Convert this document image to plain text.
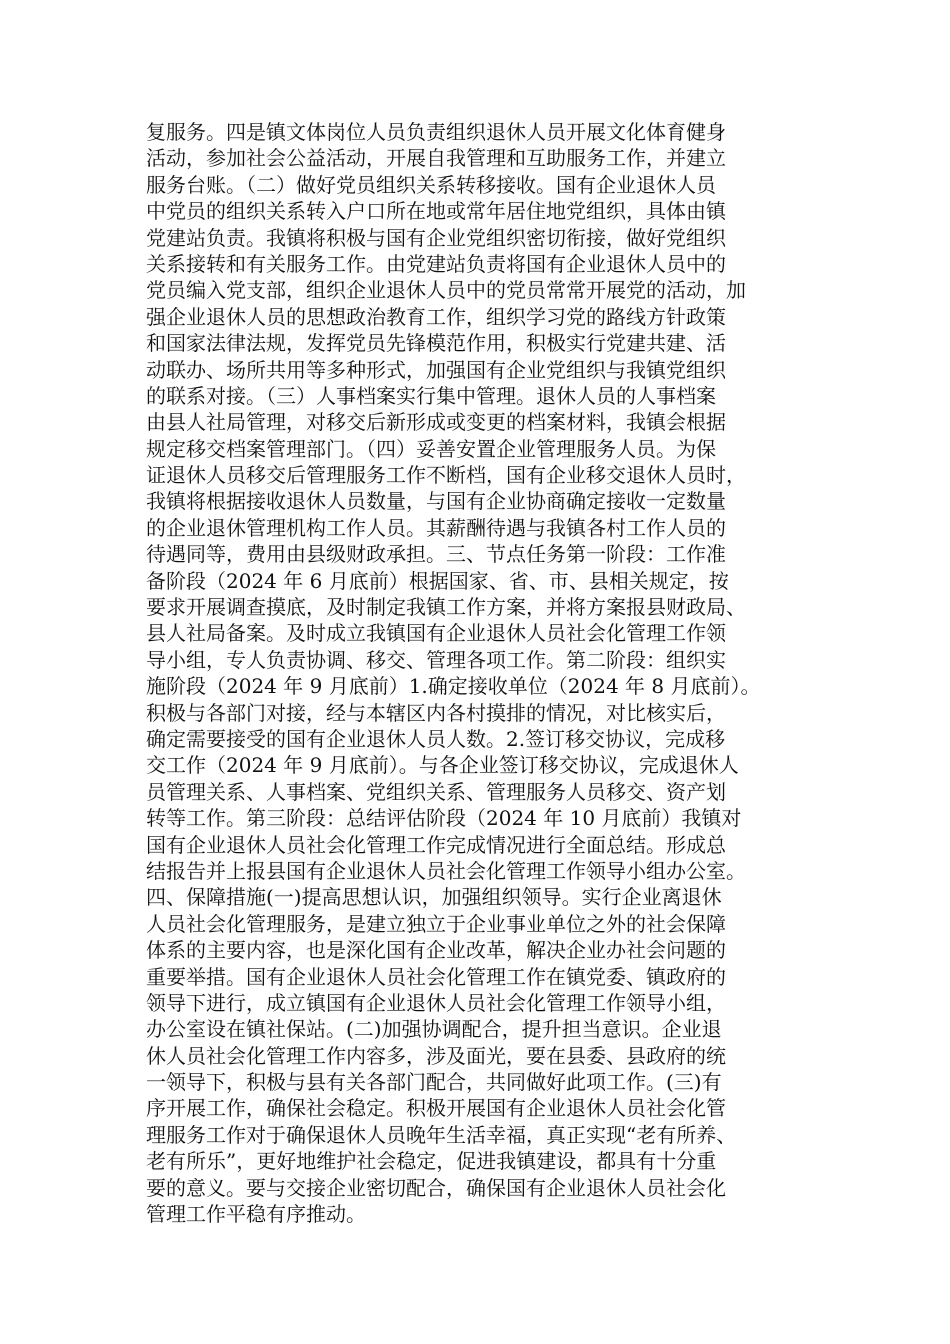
复服务。四是镇文体岗位人员负责组织退休人员开展文化体育健身
活动，参加社会公益活动，开展自我管理和互助服务工作，并建立
服务台账。（二）做好党员组织关系转移接收。国有企业退休人员
中党员的组织关系转入户口所在地或常年居住地党组织，具体由镇
党建站负责。我镇将积极与国有企业党组织密切衔接，做好党组织
关系接转和有关服务工作。由党建站负责将国有企业退休人员中的
党员编入党支部，组织企业退休人员中的党员常常开展党的活动，加
强企业退休人员的思想政治教育工作，组织学习党的路线方针政策
和国家法律法规，发挥党员先锋模范作用，积极实行党建共建、活
动联办、场所共用等多种形式，加强国有企业党组织与我镇党组织
的联系对接。（三）人事档案实行集中管理。退休人员的人事档案
由县人社局管理，对移交后新形成或变更的档案材料，我镇会根据
规定移交档案管理部门。（四）妥善安置企业管理服务人员。为保
证退休人员移交后管理服务工作不断档，国有企业移交退休人员时，
我镇将根据接收退休人员数量，与国有企业协商确定接收一定数量
的企业退休管理机构工作人员。其薪酬待遇与我镇各村工作人员的
待遇同等，费用由县级财政承担。三、节点任务第一阶段：工作准
备阶段（2024 年 6 月底前）根据国家、省、市、县相关规定，按
要求开展调查摸底，及时制定我镇工作方案，并将方案报县财政局、
县人社局备案。及时成立我镇国有企业退休人员社会化管理工作领
导小组，专人负责协调、移交、管理各项工作。第二阶段：组织实
施阶段（2024 年 9 月底前）1.确定接收单位（2024 年 8 月底前）。
积极与各部门对接，经与本辖区内各村摸排的情况，对比核实后，
确定需要接受的国有企业退休人员人数。2.签订移交协议，完成移
交工作（2024 年 9 月底前）。与各企业签订移交协议，完成退休人
员管理关系、人事档案、党组织关系、管理服务人员移交、资产划
转等工作。第三阶段：总结评估阶段（2024 年 10 月底前）我镇对
国有企业退休人员社会化管理工作完成情况进行全面总结。形成总
结报告并上报县国有企业退休人员社会化管理工作领导小组办公室。
四、保障措施(一)提高思想认识，加强组织领导。实行企业离退休
人员社会化管理服务，是建立独立于企业事业单位之外的社会保障
体系的主要内容，也是深化国有企业改革，解决企业办社会问题的
重要举措。国有企业退休人员社会化管理工作在镇党委、镇政府的
领导下进行，成立镇国有企业退休人员社会化管理工作领导小组，
办公室设在镇社保站。(二)加强协调配合，提升担当意识。企业退
休人员社会化管理工作内容多，涉及面光，要在县委、县政府的统
一领导下，积极与县有关各部门配合，共同做好此项工作。(三)有
序开展工作，确保社会稳定。积极开展国有企业退休人员社会化管
理服务工作对于确保退休人员晚年生活幸福，真正实现“老有所养、
老有所乐”，更好地维护社会稳定，促进我镇建设，都具有十分重
要的意义。要与交接企业密切配合，确保国有企业退休人员社会化
管理工作平稳有序推动。
